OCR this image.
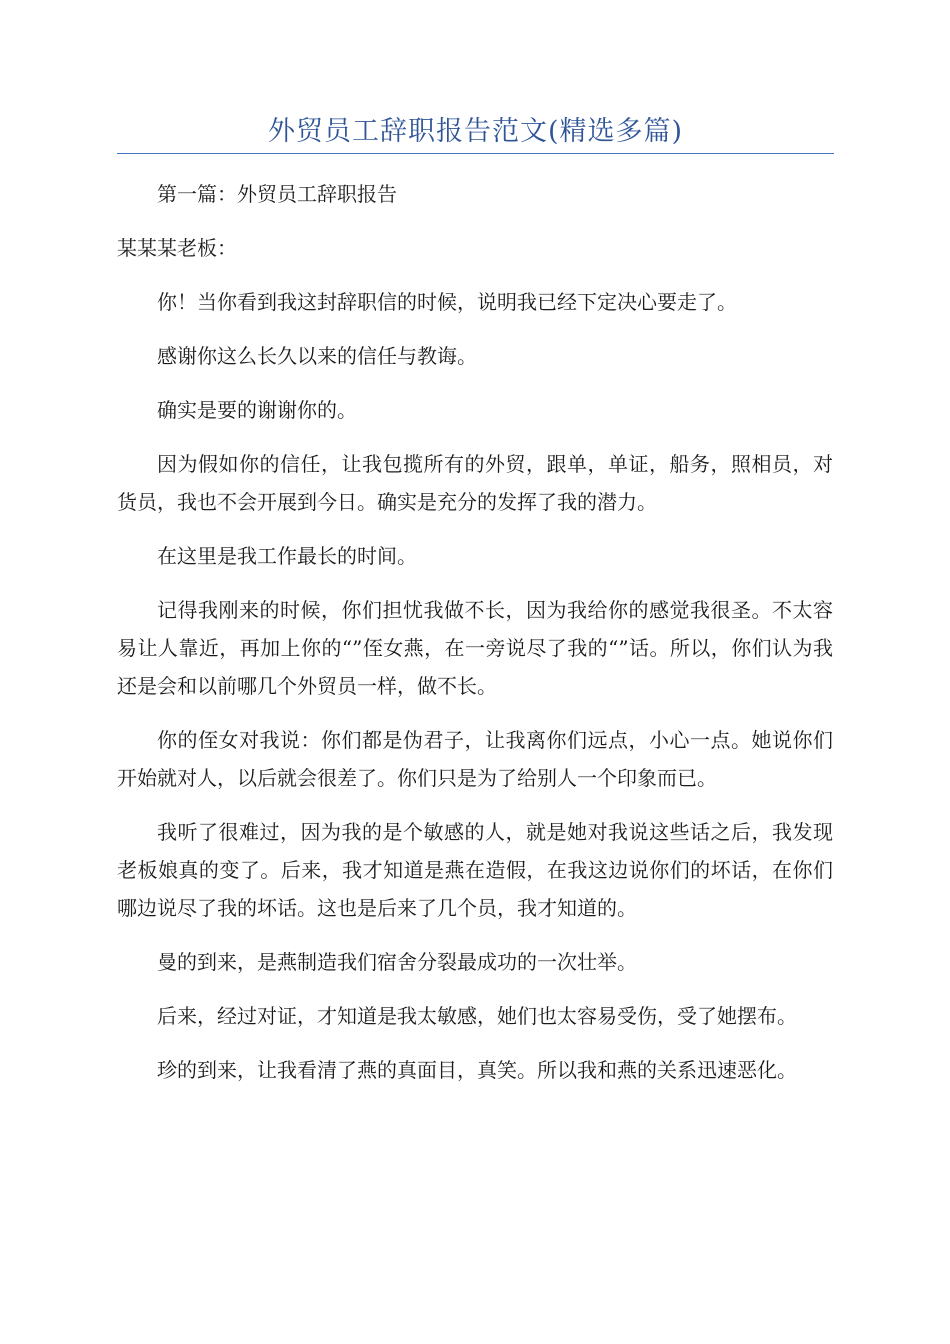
外贸员工辞职报告范文(精选多篇)

第一篇：外贸员工辞职报告

某某某老板：

你！当你看到我这封辞职信的时候，说明我已经下定决心要走了。

感谢你这么长久以来的信任与教诲。

确实是要的谢谢你的。

因为假如你的信任，让我包揽所有的外贸，跟单，单证，船务，照相员，对货员，我也不会开展到今日。确实是充分的发挥了我的潜力。

在这里是我工作最长的时间。

记得我刚来的时候，你们担忧我做不长，因为我给你的感觉我很圣。不太容易让人靠近，再加上你的“”侄女燕，在一旁说尽了我的“”话。所以，你们认为我还是会和以前哪几个外贸员一样，做不长。

你的侄女对我说：你们都是伪君子，让我离你们远点，小心一点。她说你们开始就对人，以后就会很差了。你们只是为了给别人一个印象而已。

我听了很难过，因为我的是个敏感的人，就是她对我说这些话之后，我发现老板娘真的变了。后来，我才知道是燕在造假，在我这边说你们的坏话，在你们哪边说尽了我的坏话。这也是后来了几个员，我才知道的。

曼的到来，是燕制造我们宿舍分裂最成功的一次壮举。

后来，经过对证，才知道是我太敏感，她们也太容易受伤，受了她摆布。

珍的到来，让我看清了燕的真面目，真笑。所以我和燕的关系迅速恶化。
